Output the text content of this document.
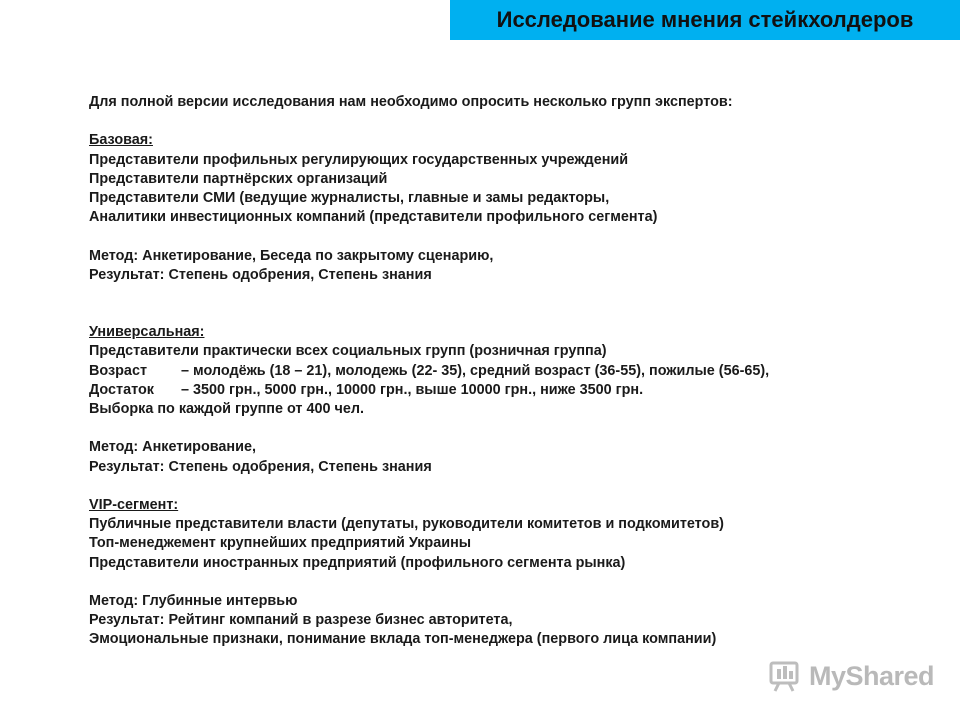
Исследование мнения стейкхолдеров
Для полной версии исследования нам необходимо опросить несколько групп экспертов:
Базовая:
Представители профильных регулирующих государственных учреждений
Представители партнёрских организаций
Представители СМИ (ведущие журналисты, главные и замы редакторы,
Аналитики инвестиционных компаний (представители профильного сегмента)
Метод: Анкетирование, Беседа по закрытому сценарию,
Результат: Степень одобрения, Степень знания
Универсальная:
Представители практически всех социальных групп (розничная группа)
Возраст – молодёжь (18 – 21), молодежь (22- 35), средний возраст (36-55), пожилые (56-65),
Достаток – 3500 грн., 5000 грн., 10000 грн., выше 10000 грн., ниже 3500 грн.
Выборка по каждой группе от 400 чел.
Метод: Анкетирование,
Результат: Степень одобрения, Степень знания
VIP-сегмент:
Публичные представители власти (депутаты, руководители комитетов и подкомитетов)
Топ-менеджемент крупнейших предприятий Украины
Представители иностранных предприятий (профильного сегмента рынка)
Метод: Глубинные интервью
Результат: Рейтинг компаний в разрезе бизнес авторитета,
Эмоциональные признаки, понимание вклада топ-менеджера (первого лица компании)
MyShared
